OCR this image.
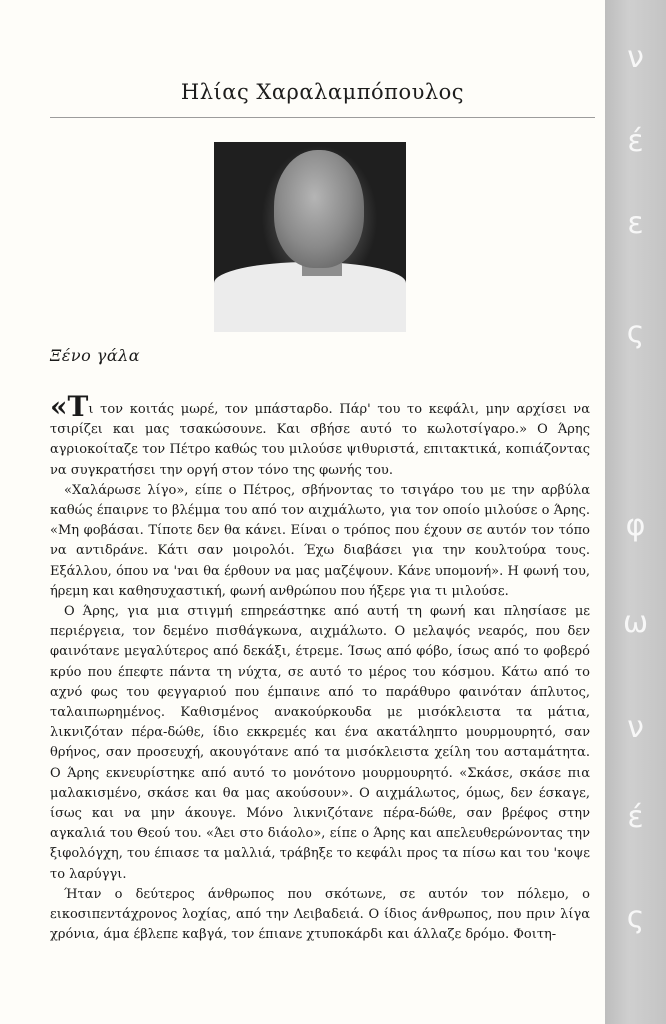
Ηλίας Χαραλαμπόπουλος
Ξένο γάλα

«Τι τον κοιτάς μωρέ, τον μπάσταρδο. Πάρ' του το κεφάλι, μην αρχίσει να τσιρίζει και μας τσακώσουνε. Και σβήσε αυτό το κωλοτσίγαρο.» Ο Άρης αγριοκοίταζε τον Πέτρο καθώς του μιλούσε ψιθυριστά, επιτακτικά, κοπιάζοντας να συγκρατήσει την οργή στον τόνο της φωνής του.

«Χαλάρωσε λίγο», είπε ο Πέτρος, σβήνοντας το τσιγάρο του με την αρβύλα καθώς έπαιρνε το βλέμμα του από τον αιχμάλωτο, για τον οποίο μιλούσε ο Άρης. «Μη φοβάσαι. Τίποτε δεν θα κάνει. Είναι ο τρόπος που έχουν σε αυτόν τον τόπο να αντιδράνε. Κάτι σαν μοιρολόι. Έχω διαβάσει για την κουλτούρα τους. Εξάλλου, όπου να 'ναι θα έρθουν να μας μαζέψουν. Κάνε υπομονή». Η φωνή του, ήρεμη και καθησυχαστική, φωνή ανθρώπου που ήξερε για τι μιλούσε.

Ο Άρης, για μια στιγμή επηρεάστηκε από αυτή τη φωνή και πλησίασε με περιέργεια, τον δεμένο πισθάγκωνα, αιχμάλωτο. Ο μελαψός νεαρός, που δεν φαινότανε μεγαλύτερος από δεκάξι, έτρεμε. Ίσως από φόβο, ίσως από το φοβερό κρύο που έπεφτε πάντα τη νύχτα, σε αυτό το μέρος του κόσμου. Κάτω από το αχνό φως του φεγγαριού που έμπαινε από το παράθυρο φαινόταν άπλυτος, ταλαιπωρημένος. Καθισμένος ανακούρκουδα με μισόκλειστα τα μάτια, λικνιζόταν πέρα-δώθε, ίδιο εκκρεμές και ένα ακατάληπτο μουρμουρητό, σαν θρήνος, σαν προσευχή, ακουγότανε από τα μισόκλειστα χείλη του ασταμάτητα. Ο Άρης εκνευρίστηκε από αυτό το μονότονο μουρμουρητό. «Σκάσε, σκάσε πια μαλακισμένο, σκάσε και θα μας ακούσουν». Ο αιχμάλωτος, όμως, δεν έσκαγε, ίσως και να μην άκουγε. Μόνο λικνιζότανε πέρα-δώθε, σαν βρέφος στην αγκαλιά του Θεού του. «Άει στο διάολο», είπε ο Άρης και απελευθερώνοντας την ξιφολόγχη, του έπιασε τα μαλλιά, τράβηξε το κεφάλι προς τα πίσω και του 'κοψε το λαρύγγι.

Ήταν ο δεύτερος άνθρωπος που σκότωνε, σε αυτόν τον πόλεμο, ο εικοσιπεντάχρονος λοχίας, από την Λειβαδειά. Ο ίδιος άνθρωπος, που πριν λίγα χρόνια, άμα έβλεπε καβγά, τον έπιανε χτυποκάρδι και άλλαζε δρόμο. Φοιτη-

ν
έ
ε
ς
φ
ω
ν
έ
ς
